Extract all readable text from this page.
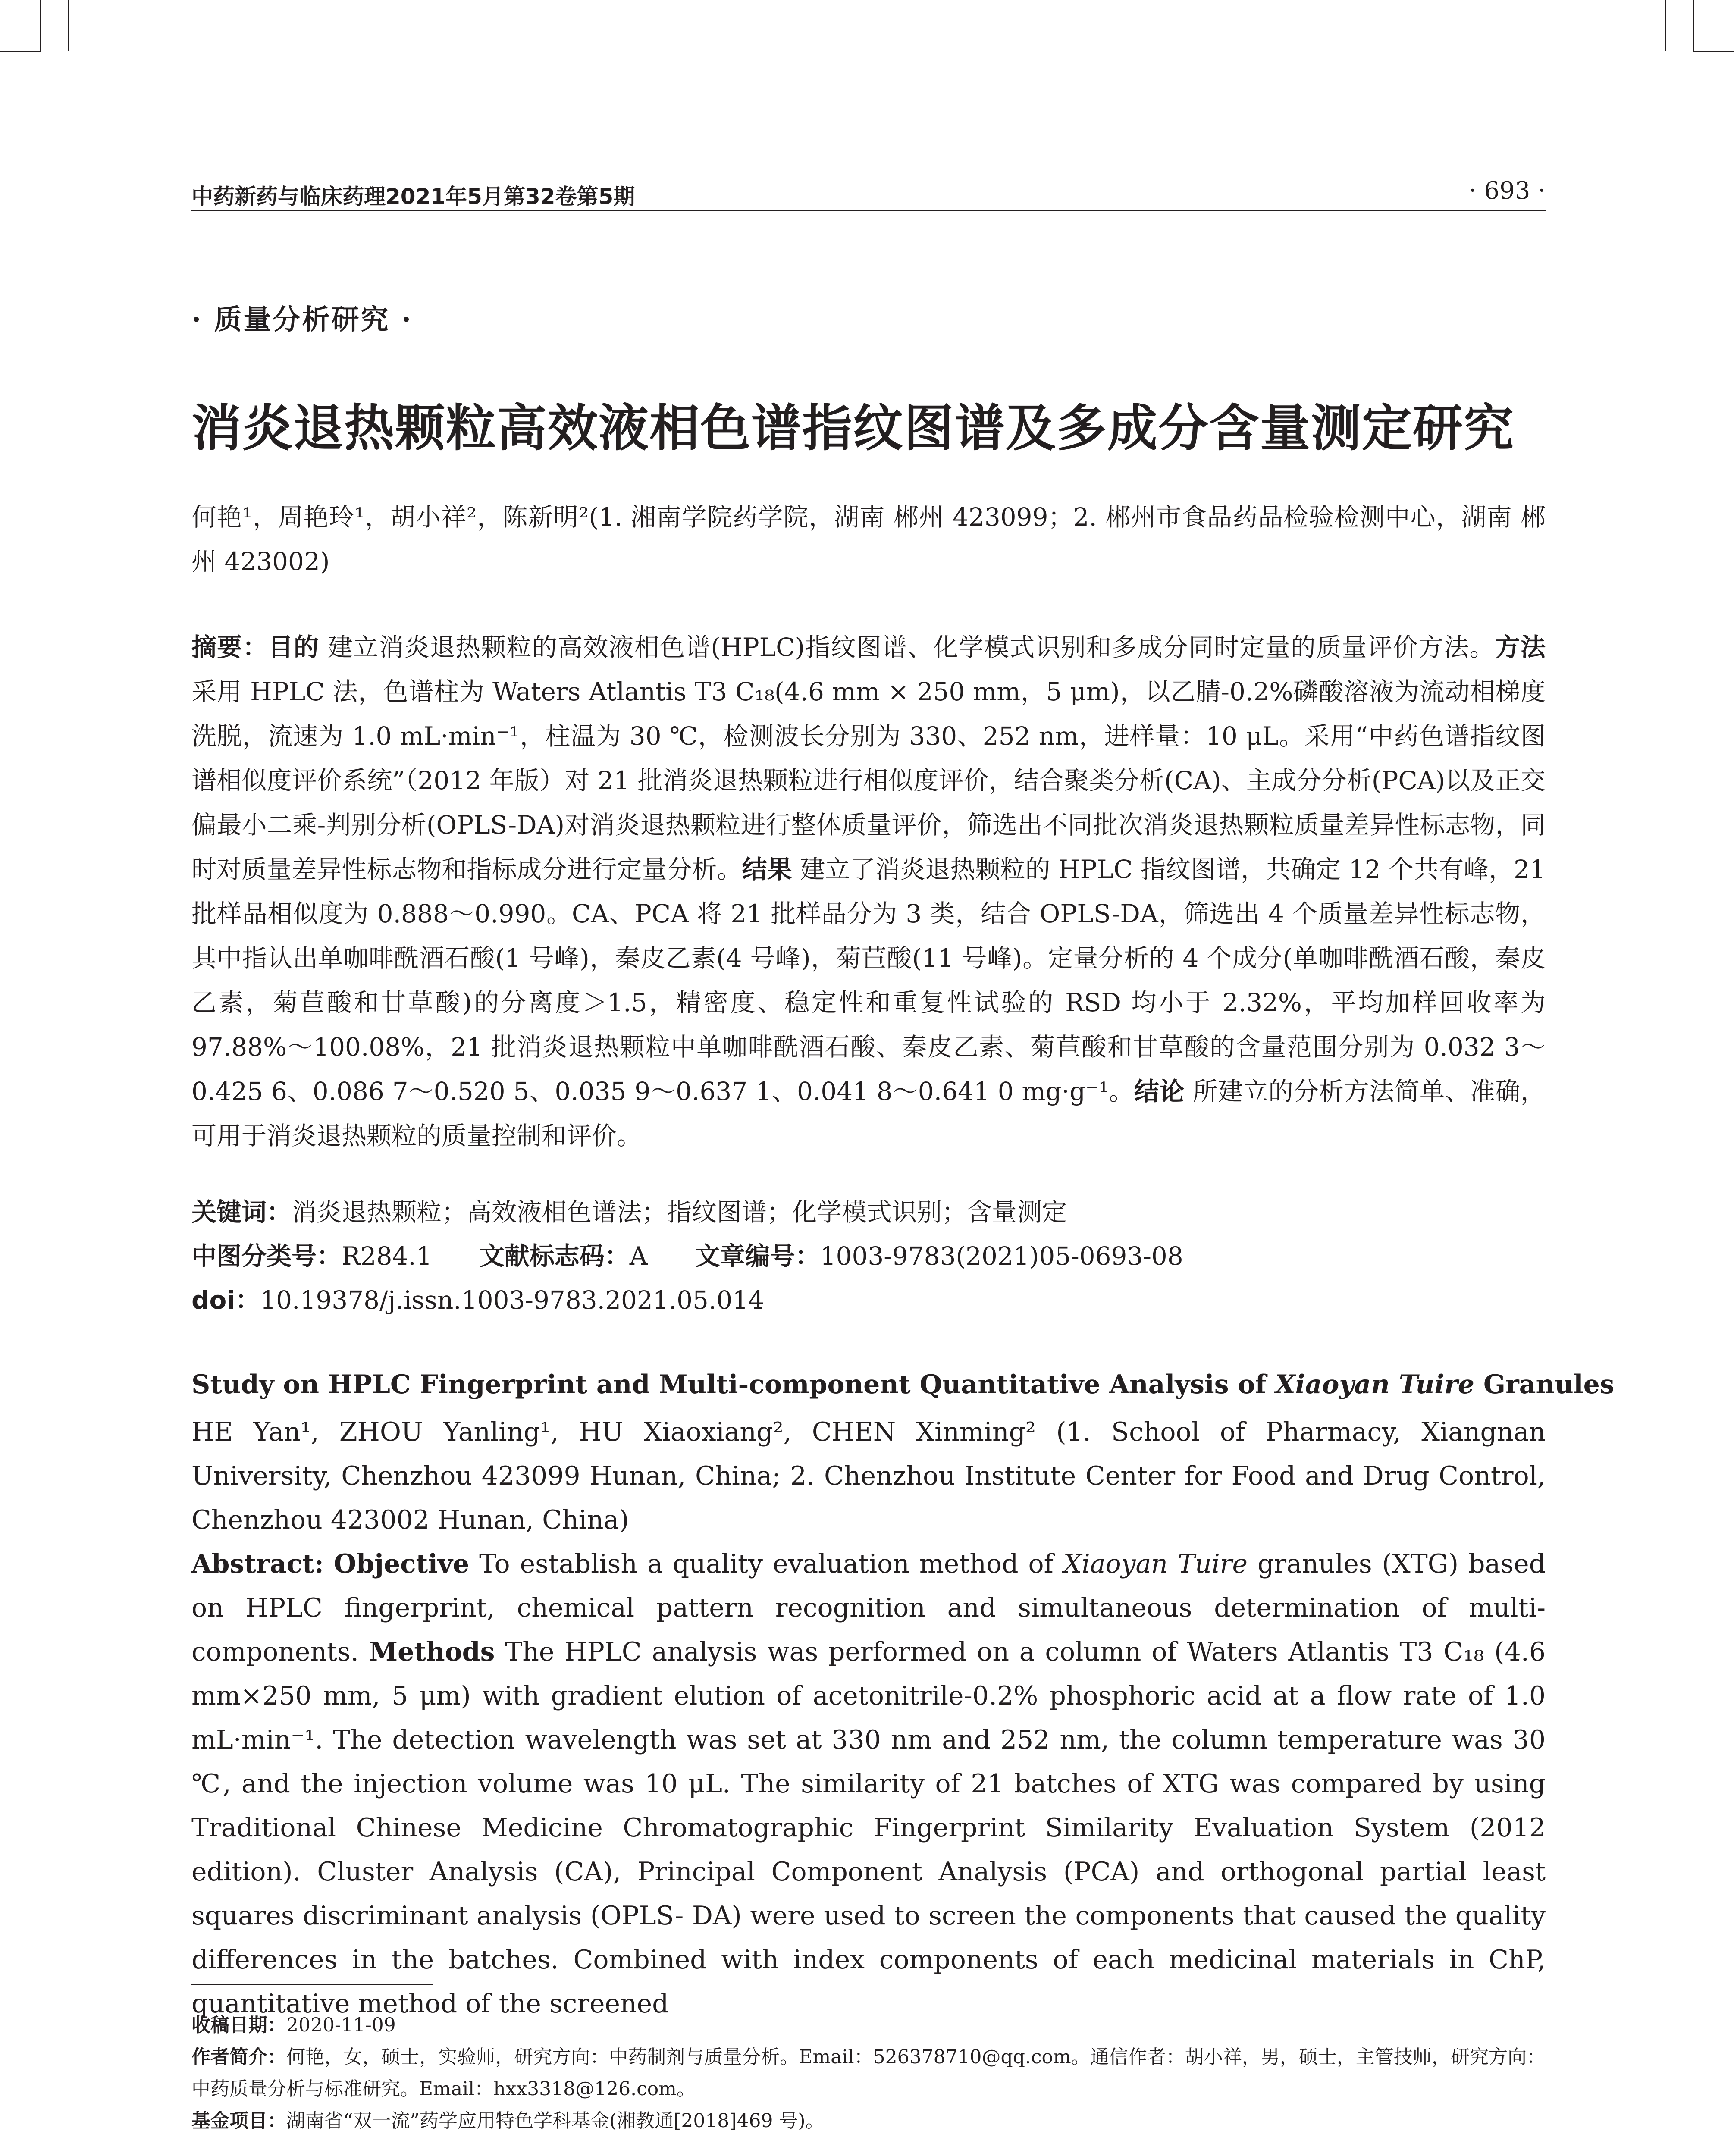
中药新药与临床药理2021年5月第32卷第5期	· 693 ·
· 质量分析研究 ·
消炎退热颗粒高效液相色谱指纹图谱及多成分含量测定研究
何艳¹，周艳玲¹，胡小祥²，陈新明²(1. 湘南学院药学院，湖南 郴州 423099；2. 郴州市食品药品检验检测中心，湖南 郴州 423002)
摘要：目的 建立消炎退热颗粒的高效液相色谱(HPLC)指纹图谱、化学模式识别和多成分同时定量的质量评价方法。方法 采用 HPLC 法，色谱柱为 Waters Atlantis T3 C₁₈(4.6 mm × 250 mm，5 μm)，以乙腈-0.2%磷酸溶液为流动相梯度洗脱，流速为 1.0 mL·min⁻¹，柱温为 30 ℃，检测波长分别为 330、252 nm，进样量：10 μL。采用“中药色谱指纹图谱相似度评价系统”（2012 年版）对 21 批消炎退热颗粒进行相似度评价，结合聚类分析(CA)、主成分分析(PCA)以及正交偏最小二乘-判别分析(OPLS-DA)对消炎退热颗粒进行整体质量评价，筛选出不同批次消炎退热颗粒质量差异性标志物，同时对质量差异性标志物和指标成分进行定量分析。结果 建立了消炎退热颗粒的 HPLC 指纹图谱，共确定 12 个共有峰，21 批样品相似度为 0.888～0.990。CA、PCA 将 21 批样品分为 3 类，结合 OPLS-DA，筛选出 4 个质量差异性标志物，其中指认出单咖啡酰酒石酸(1 号峰)，秦皮乙素(4 号峰)，菊苣酸(11 号峰)。定量分析的 4 个成分(单咖啡酰酒石酸，秦皮乙素，菊苣酸和甘草酸)的分离度＞1.5，精密度、稳定性和重复性试验的 RSD 均小于 2.32%，平均加样回收率为 97.88%～100.08%，21 批消炎退热颗粒中单咖啡酰酒石酸、秦皮乙素、菊苣酸和甘草酸的含量范围分别为 0.032 3～0.425 6、0.086 7～0.520 5、0.035 9～0.637 1、0.041 8～0.641 0 mg·g⁻¹。结论 所建立的分析方法简单、准确，可用于消炎退热颗粒的质量控制和评价。
关键词：消炎退热颗粒；高效液相色谱法；指纹图谱；化学模式识别；含量测定
中图分类号：R284.1 文献标志码：A 文章编号：1003-9783(2021)05-0693-08
doi：10.19378/j.issn.1003-9783.2021.05.014
Study on HPLC Fingerprint and Multi-component Quantitative Analysis of Xiaoyan Tuire Granules
HE Yan¹, ZHOU Yanling¹, HU Xiaoxiang², CHEN Xinming² (1. School of Pharmacy, Xiangnan University, Chenzhou 423099 Hunan, China; 2. Chenzhou Institute Center for Food and Drug Control, Chenzhou 423002 Hunan, China)
Abstract: Objective To establish a quality evaluation method of Xiaoyan Tuire granules (XTG) based on HPLC fingerprint, chemical pattern recognition and simultaneous determination of multi-components. Methods The HPLC analysis was performed on a column of Waters Atlantis T3 C₁₈ (4.6 mm×250 mm, 5 μm) with gradient elution of acetonitrile-0.2% phosphoric acid at a flow rate of 1.0 mL·min⁻¹. The detection wavelength was set at 330 nm and 252 nm, the column temperature was 30 ℃, and the injection volume was 10 μL. The similarity of 21 batches of XTG was compared by using Traditional Chinese Medicine Chromatographic Fingerprint Similarity Evaluation System (2012 edition). Cluster Analysis (CA), Principal Component Analysis (PCA) and orthogonal partial least squares discriminant analysis (OPLS- DA) were used to screen the components that caused the quality differences in the batches. Combined with index components of each medicinal materials in ChP, quantitative method of the screened
收稿日期：2020-11-09
作者简介：何艳，女，硕士，实验师，研究方向：中药制剂与质量分析。Email：526378710@qq.com。通信作者：胡小祥，男，硕士，主管技师，研究方向：中药质量分析与标准研究。Email：hxx3318@126.com。
基金项目：湖南省“双一流”药学应用特色学科基金(湘教通[2018]469 号)。
